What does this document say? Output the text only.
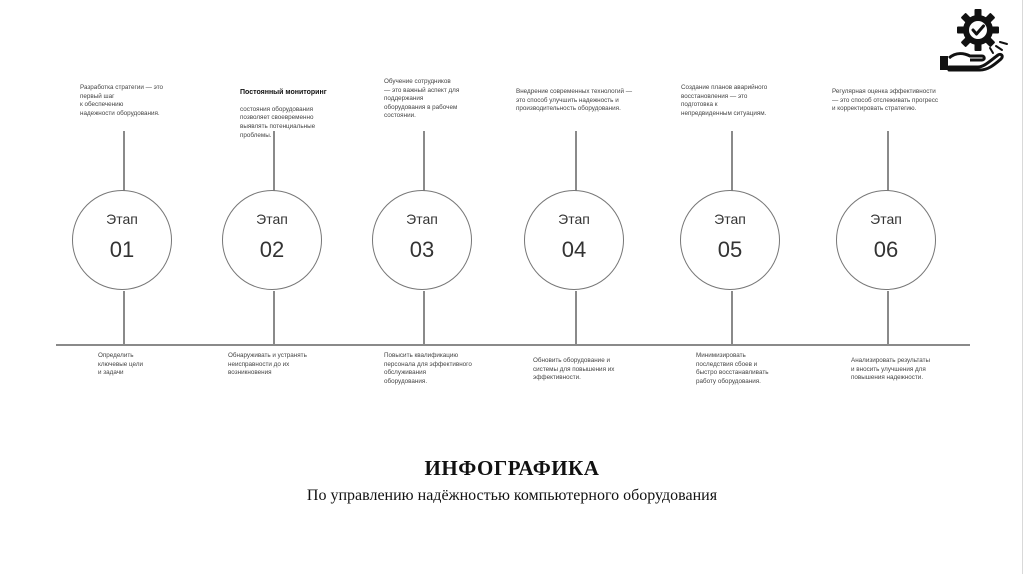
Этап
01
Разработка стратегии — это
первый шаг
к обеспечению
надежности оборудования.
Определить
ключевые цели
и задачи
Этап
02

Постоянный мониторинг

состояния оборудования
позволяет своевременно
выявлять потенциальные
проблемы.

Обнаруживать и устранять
неисправности до их
возникновения
Этап
03
Обучение сотрудников
— это важный аспект для
поддержания
оборудования в рабочем
состоянии.
Повысить квалификацию
персонала для эффективного
обслуживания
оборудования.
Этап
04
Внедрение современных технологий —
это способ улучшить надежность и
производительность оборудования.
Обновить оборудование и
системы для повышения их
эффективности.
Этап
05
Создание планов аварийного
восстановления — это
подготовка к
непредвиденным ситуациям.
Минимизировать
последствия сбоев и
быстро восстанавливать
работу оборудования.
Этап
06
Регулярная оценка эффективности
— это способ отслеживать прогресс
и корректировать стратегию.
Анализировать результаты
и вносить улучшения для
повышения надежности.
ИНФОГРАФИКА
По управлению надёжностью компьютерного оборудования
